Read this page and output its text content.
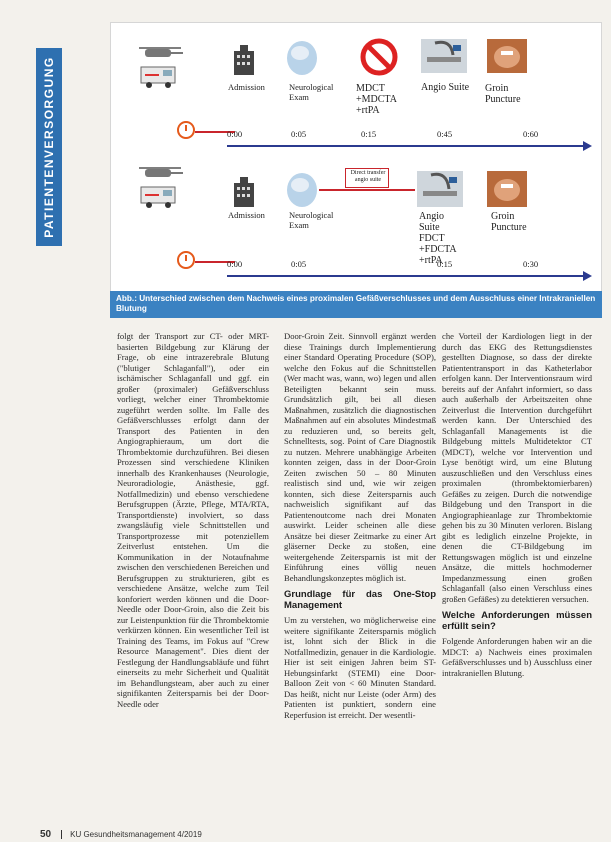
PATIENTENVERSORGUNG	Admission	Neurological Exam
MDCT +MDCTA +rtPA
Angio Suite Groin Puncture
0:00	0:05	0:15	0:45	0:60
Direct transfer angio suite
Admission	Neurological Exam
Angio Suite FDCT +FDCTA +rtPA
Groin Puncture
0:00	0:05	0:15	0:30
Abb.: Unterschied zwischen dem Nachweis eines proximalen Gefäßverschlusses und dem Ausschluss einer Intrakraniellen Blutung

folgt der Transport zur CT- oder MRT-basierten Bildgebung zur Klärung der Frage, ob eine intrazerebrale Blutung ("blutiger Schlaganfall"), oder ein ischämischer Schlaganfall und ggf. ein großer (proximaler) Gefäßverschluss vorliegt, welcher einer Thrombektomie zugeführt werden sollte. Im Falle des Gefäßverschlusses erfolgt dann der Transport des Patienten in den Angiographieraum, um dort die Thrombektomie durchzuführen. Bei diesen Prozessen sind verschiedene Kliniken innerhalb des Krankenhauses (Neurologie, Neuroradiologie, Anästhesie, ggf. Notfallmedizin) und ebenso verschiedene Berufsgruppen (Ärzte, Pflege, MTA/RTA, Transportdienste) involviert, so dass zwangsläufig viele Schnittstellen und Transportprozesse mit potenziellem Zeitverlust entstehen. Um die Kommunikation in der Notaufnahme zwischen den verschiedenen Bereichen und Berufsgruppen zu strukturieren, gibt es verschiedene Ansätze, welche zum Teil konforiert werden können und die Door-Needle oder Door-Groin, also die Zeit bis zur Leistenpunktion für die Thrombektomie verkürzen können. Ein wesentlicher Teil ist Training des Teams, im Fokus auf "Crew Resource Management". Dies dient der Festlegung der Handlungsabläufe und führt einerseits zu mehr Sicherheit und Qualität im Behandlungsteam, aber auch zu einer signifikanten Zeitersparnis bei der Door-Needle oder

Door-Groin Zeit. Sinnvoll ergänzt werden diese Trainings durch Implementierung einer Standard Operating Procedure (SOP), welche den Fokus auf die Schnittstellen (Wer macht was, wann, wo) legen und allen Beteiligten bekannt sein muss. Grundsätzlich gilt, bei all diesen Maßnahmen, zusätzlich die diagnostischen Maßnahmen auf ein absolutes Mindestmaß zu reduzieren und, so bereits gelt, Schnelltests, sog. Point of Care Diagnostik zu nutzen. Mehrere unabhängige Arbeiten konnten zeigen, dass in der Door-Groin Zeiten zwischen 50 – 80 Minuten realistisch sind und, wie wir zeigen konnten, sich diese Zeitersparnis auch nachweislich signifikant auf das Patientenoutcome nach drei Monaten auswirkt. Leider scheinen alle diese Ansätze bei dieser Zeitmarke zu einer Art gläserner Decke zu stoßen, eine weitergehende Zeitersparnis ist mit der Einführung eines völlig neuen Behandlungskonzeptes möglich ist.

Grundlage für das One-Stop Management

Um zu verstehen, wo möglicherweise eine weitere signifikante Zeitersparnis möglich ist, lohnt sich der Blick in die Notfallmedizin, genauer in die Kardiologie. Hier ist seit einigen Jahren beim ST-Hebungsinfarkt (STEMI) eine Door-Balloon Zeit von < 60 Minuten Standard. Das heißt, nicht nur Leiste (oder Arm) des Patienten ist punktiert, sondern eine Reperfusion ist erreicht. Der wesentli-

che Vorteil der Kardiologen liegt in der durch das EKG des Rettungsdienstes gestellten Diagnose, so dass der direkte Patiententransport in das Katheterlabor erfolgen kann. Der Interventionsraum wird bereits auf der Anfahrt informiert, so dass auch außerhalb der Arbeitszeiten ohne Zeitverlust die Intervention durchgeführt werden kann. Der Unterschied des Schlaganfall Managements ist die Bildgebung mittels Multidetektor CT (MDCT), welche vor Intervention und Lyse benötigt wird, um eine Blutung auszuschließen und den Verschluss eines proximalen (thrombektomierbaren) Gefäßes zu zeigen. Durch die notwendige Bildgebung und den Transport in die Angiographieanlage zur Thrombektomie gehen bis zu 30 Minuten verloren. Bislang gibt es lediglich einzelne Projekte, in denen die CT-Bildgebung im Rettungswagen möglich ist und einzelne Ansätze, die mittels hochmoderner Impedanzmessung einen großen Schlaganfall (also einen Verschluss eines großen Gefäßes) zu detektieren versuchen.

Welche Anforderungen müssen erfüllt sein?

Folgende Anforderungen haben wir an die MDCT: a) Nachweis eines proximalen Gefäßverschlusses und b) Ausschluss einer intrakraniellen Blutung.

50 KU Gesundheitsmanagement 4/2019
